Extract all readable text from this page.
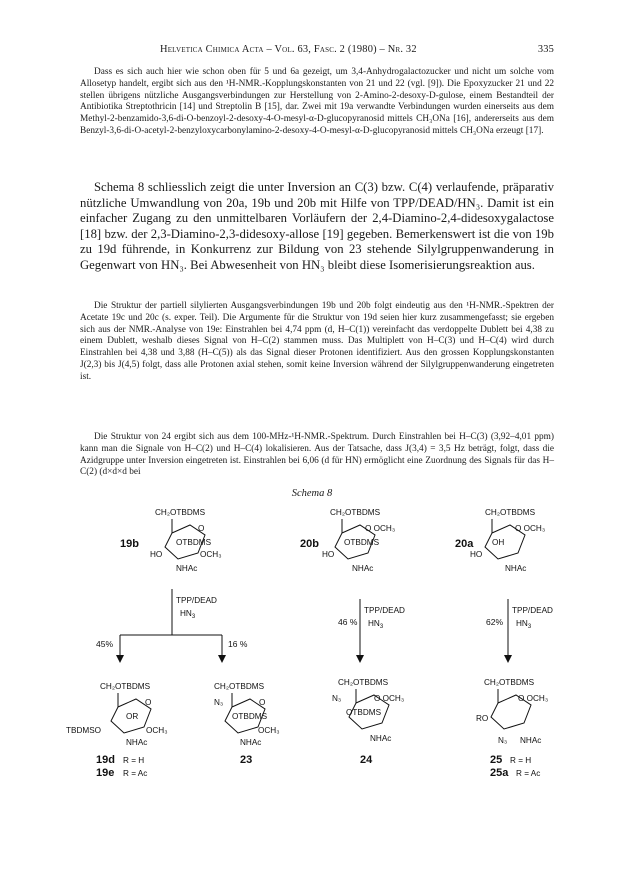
Helvetica Chimica Acta – Vol. 63, Fasc. 2 (1980) – Nr. 32	335
Dass es sich auch hier wie schon oben für 5 und 6a gezeigt, um 3,4-Anhydrogalactozucker und nicht um solche vom Allosetyp handelt, ergibt sich aus den ¹H-NMR.-Kopplungskonstanten von 21 und 22 (vgl. [9]). Die Epoxyzucker 21 und 22 stellen übrigens nützliche Ausgangsverbindungen zur Herstellung von 2-Amino-2-desoxy-D-gulose, einem Bestandteil der Antibiotika Streptothricin [14] und Streptolin B [15], dar. Zwei mit 19a verwandte Verbindungen wurden einerseits aus dem Methyl-2-benzamido-3,6-di-O-benzoyl-2-desoxy-4-O-mesyl-α-D-glucopyranosid mittels CH₃ONa [16], andererseits aus dem Benzyl-3,6-di-O-acetyl-2-benzyloxycarbonylamino-2-desoxy-4-O-mesyl-α-D-glucopyranosid mittels CH₃ONa erzeugt [17].
Schema 8 schliesslich zeigt die unter Inversion an C(3) bzw. C(4) verlaufende, präparativ nützliche Umwandlung von 20a, 19b und 20b mit Hilfe von TPP/DEAD/HN₃. Damit ist ein einfacher Zugang zu den unmittelbaren Vorläufern der 2,4-Diamino-2,4-didesoxygalactose [18] bzw. der 2,3-Diamino-2,3-didesoxy-allose [19] gegeben. Bemerkenswert ist die von 19b zu 19d führende, in Konkurrenz zur Bildung von 23 stehende Silylgruppenwanderung in Gegenwart von HN₃. Bei Abwesenheit von HN₃ bleibt diese Isomerisierungsreaktion aus.
Die Struktur der partiell silylierten Ausgangsverbindungen 19b und 20b folgt eindeutig aus den ¹H-NMR.-Spektren der Acetate 19c und 20c (s. exper. Teil). Die Argumente für die Struktur von 19d seien hier kurz zusammengefasst; sie ergeben sich aus der NMR.-Analyse von 19e: Einstrahlen bei 4,74 ppm (d, H–C(1)) vereinfacht das verdoppelte Dublett bei 4,38 zu einem Dublett, weshalb dieses Signal von H–C(2) stammen muss. Das Multiplett von H–C(3) und H–C(4) wird durch Einstrahlen bei 4,38 und 3,88 (H–C(5)) als das Signal dieser Protonen identifiziert. Aus den grossen Kopplungskonstanten J(2,3) bis J(4,5) folgt, dass alle Protonen axial stehen, somit keine Inversion während der Silylgruppenwanderung eingetreten ist.
Die Struktur von 24 ergibt sich aus dem 100-MHz-¹H-NMR.-Spektrum. Durch Einstrahlen bei H–C(3) (3,92–4,01 ppm) kann man die Signale von H–C(2) und H–C(4) lokalisieren. Aus der Tatsache, dass J(3,4) = 3,5 Hz beträgt, folgt, dass die Azidgruppe unter Inversion eingetreten ist. Einstrahlen bei 6,06 (d für HN) ermöglicht eine Zuordnung des Signals für das H–C(2) (d×d×d bei
Schema 8
CH₂OTBDMS
O
OTBDMS
HO	OCH₃
NHAc
19b
CH₂OTBDMS
O OCH₃
OTBDMS
HO
NHAc
20b
CH₂OTBDMS
O OCH₃
OH
HO
NHAc
20a
TPP/DEAD
$HN_3$
TPP/DEAD
$HN_3$
TPP/DEAD
$HN_3$
45%	16 %
46 %	62%
CH₂OTBDMS
O
OR
TBDMSO	OCH₃
NHAc
19d R = H
19e R = Ac
CH₂OTBDMS
N₃	O
OTBDMS
OCH₃
NHAc
23
CH₂OTBDMS
N₃	O OCH₃
OTBDMS
NHAc
24
CH₂OTBDMS
O OCH₃
RO
N₃ NHAc
25 R = H
25a R = Ac
